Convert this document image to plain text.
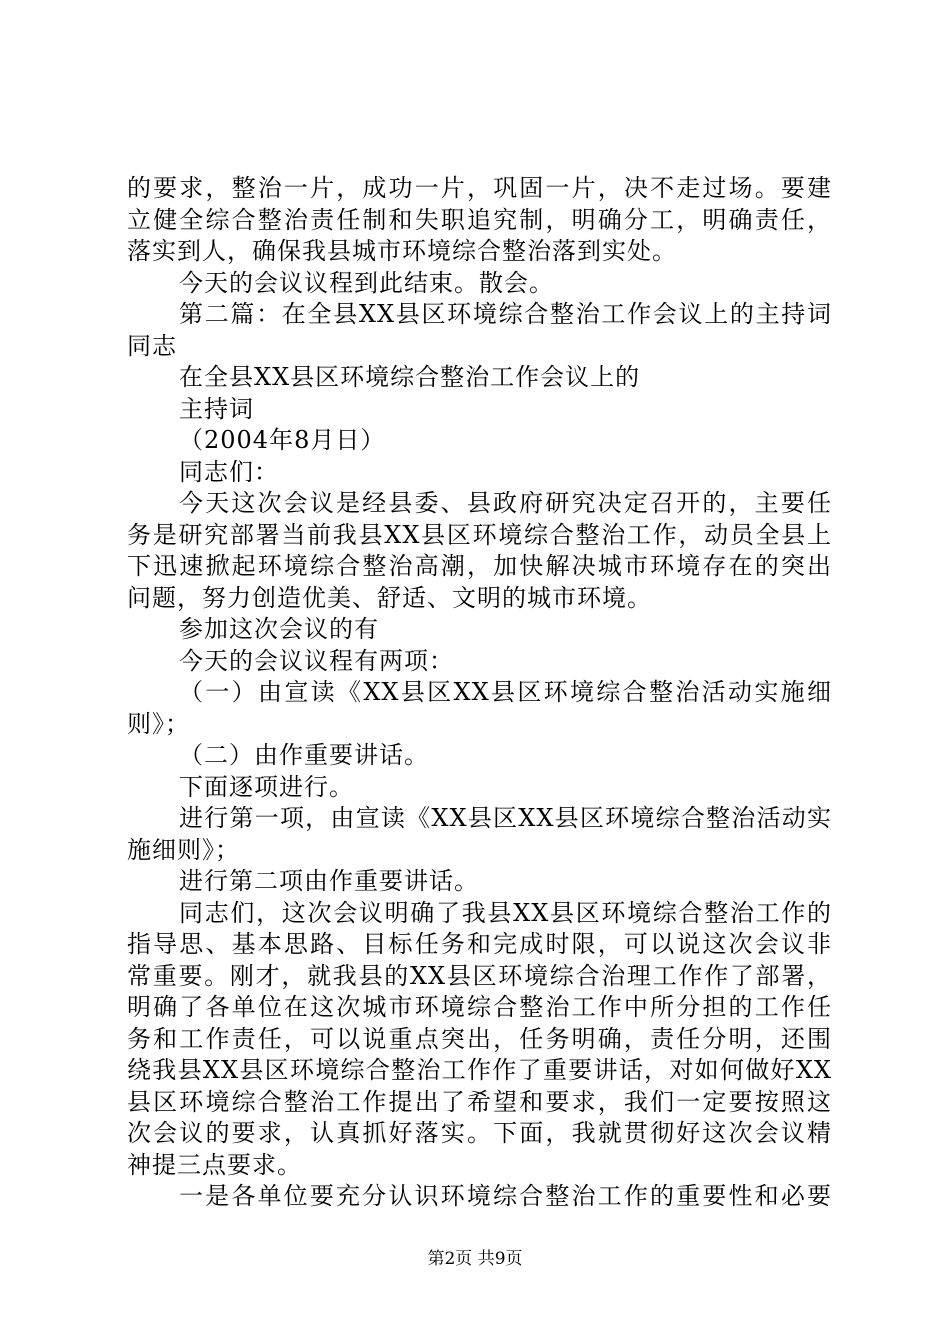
的要求，整治一片，成功一片，巩固一片，决不走过场。要建
立健全综合整治责任制和失职追究制，明确分工，明确责任，
落实到人，确保我县城市环境综合整治落到实处。
今天的会议议程到此结束。散会。
第二篇：在全县XX县区环境综合整治工作会议上的主持词
同志
在全县XX县区环境综合整治工作会议上的
主持词
（2004年8月日）
同志们：
今天这次会议是经县委、县政府研究决定召开的，主要任
务是研究部署当前我县XX县区环境综合整治工作，动员全县上
下迅速掀起环境综合整治高潮，加快解决城市环境存在的突出
问题，努力创造优美、舒适、文明的城市环境。
参加这次会议的有
今天的会议议程有两项：
（一）由宣读《XX县区XX县区环境综合整治活动实施细
则》；
（二）由作重要讲话。
下面逐项进行。
进行第一项，由宣读《XX县区XX县区环境综合整治活动实
施细则》；
进行第二项由作重要讲话。
同志们，这次会议明确了我县XX县区环境综合整治工作的
指导思、基本思路、目标任务和完成时限，可以说这次会议非
常重要。刚才，就我县的XX县区环境综合治理工作作了部署，
明确了各单位在这次城市环境综合整治工作中所分担的工作任
务和工作责任，可以说重点突出，任务明确，责任分明，还围
绕我县XX县区环境综合整治工作作了重要讲话，对如何做好XX
县区环境综合整治工作提出了希望和要求，我们一定要按照这
次会议的要求，认真抓好落实。下面，我就贯彻好这次会议精
神提三点要求。
一是各单位要充分认识环境综合整治工作的重要性和必要
第2页 共9页
